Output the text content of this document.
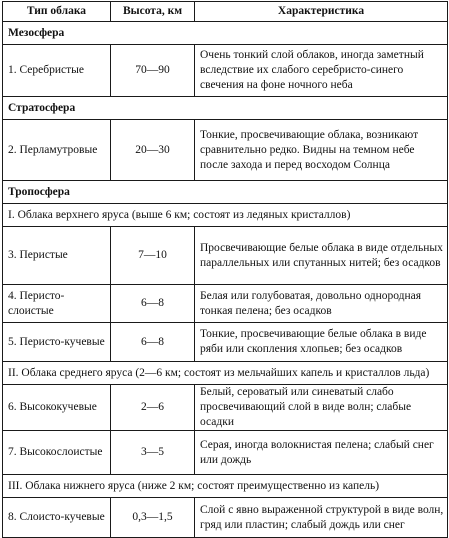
Тип облака	Высота, км	Характеристика
Мезосфера		
1. Серебристые	70—90	Очень тонкий слой облаков, иногда заметный вследствие их слабого серебристо-синего свечения на фоне ночного неба
Стратосфера		
2. Перламутровые	20—30	Тонкие, просвечивающие облака, возникают сравнительно редко. Видны на темном небе после захода и перед восходом Солнца
Тропосфера		
I. Облака верхнего яруса (выше 6 км; состоят из ледяных кристаллов)		
3. Перистые	7—10	Просвечивающие белые облака в виде отдельных параллельных или спутанных нитей; без осадков
4. Перисто-слоистые	6—8	Белая или голубоватая, довольно однородная тонкая пелена; без осадков
5. Перисто-кучевые	6—8	Тонкие, просвечивающие белые облака в виде ряби или скопления хлопьев; без осадков
II. Облака среднего яруса (2—6 км; состоят из мельчайших капель и кристаллов льда)		
6. Высококучевые	2—6	Белый, сероватый или синеватый слабо просвечивающий слой в виде волн; слабые осадки
7. Высокослоистые	3—5	Серая, иногда волокнистая пелена; слабый снег или дождь
III. Облака нижнего яруса (ниже 2 км; состоят преимущественно из капель)		
8. Слоисто-кучевые	0,3—1,5	Слой с явно выраженной структурой в виде волн, гряд или пластин; слабый дождь или снег
